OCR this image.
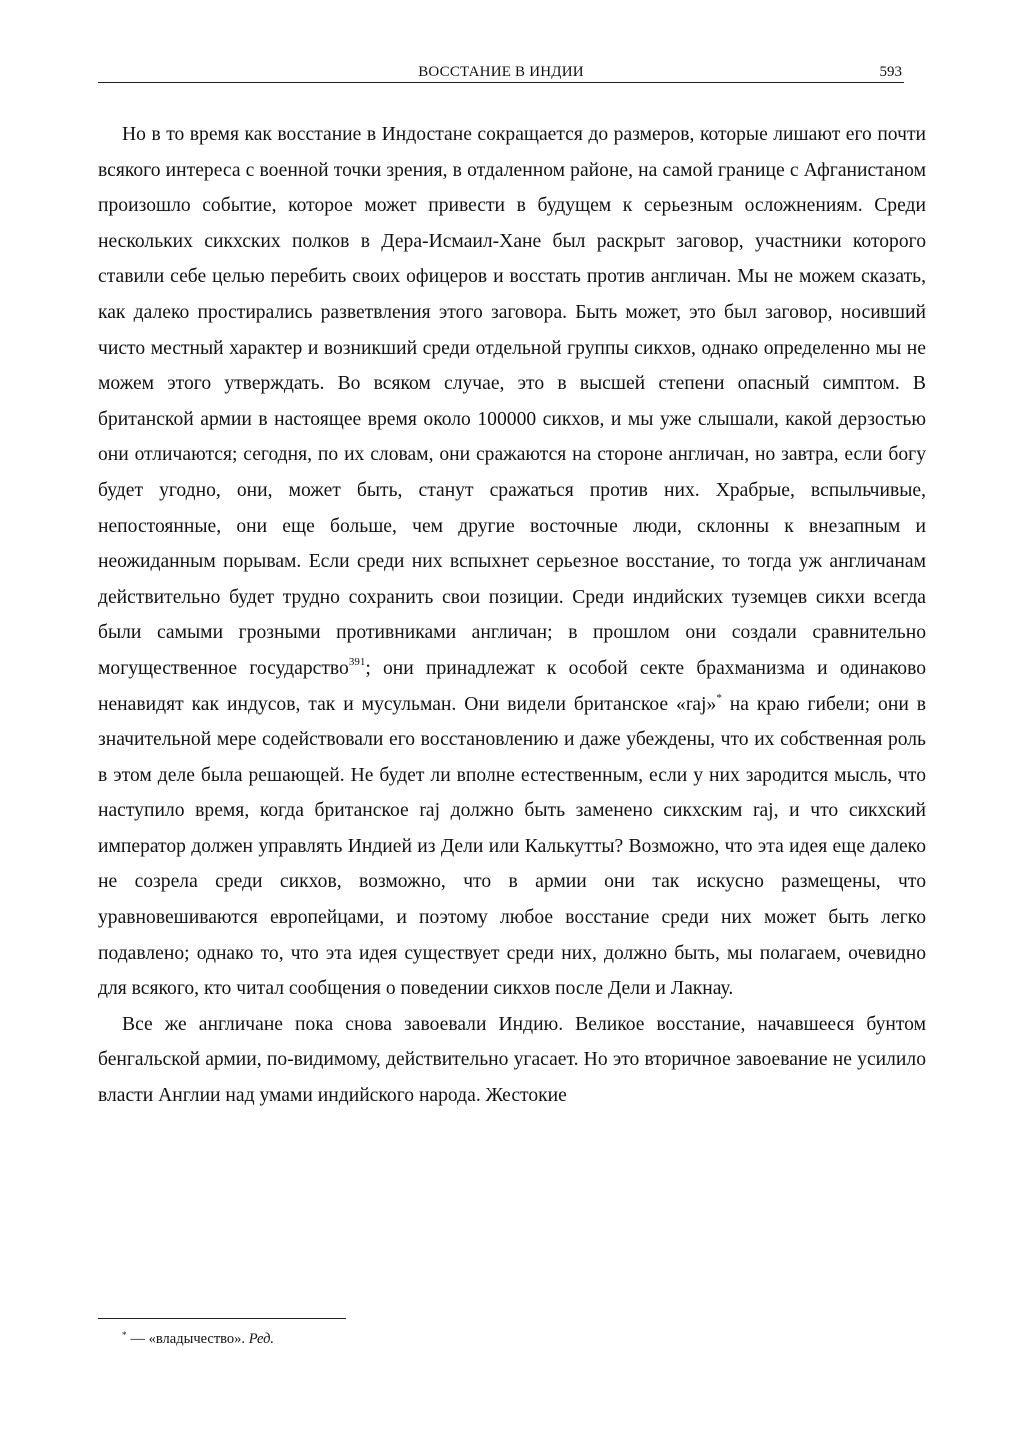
ВОССТАНИЕ В ИНДИИ	593

Но в то время как восстание в Индостане сокращается до размеров, которые лишают его почти всякого интереса с военной точки зрения, в отдаленном районе, на самой границе с Афганистаном произошло событие, которое может привести в будущем к серьезным осложнениям. Среди нескольких сикхских полков в Дера-Исмаил-Хане был раскрыт заговор, участники которого ставили себе целью перебить своих офицеров и восстать против англичан. Мы не можем сказать, как далеко простирались разветвления этого заговора. Быть может, это был заговор, носивший чисто местный характер и возникший среди отдельной группы сикхов, однако определенно мы не можем этого утверждать. Во всяком случае, это в высшей степени опасный симптом. В британской армии в настоящее время около 100000 сикхов, и мы уже слышали, какой дерзостью они отличаются; сегодня, по их словам, они сражаются на стороне англичан, но завтра, если богу будет угодно, они, может быть, станут сражаться против них. Храбрые, вспыльчивые, непостоянные, они еще больше, чем другие восточные люди, склонны к внезапным и неожиданным порывам. Если среди них вспыхнет серьезное восстание, то тогда уж англичанам действительно будет трудно сохранить свои позиции. Среди индийских туземцев сикхи всегда были самыми грозными противниками англичан; в прошлом они создали сравнительно могущественное государство$^{391}$; они принадлежат к особой секте брахманизма и одинаково ненавидят как индусов, так и мусульман. Они видели британское «raj»* на краю гибели; они в значительной мере содействовали его восстановлению и даже убеждены, что их собственная роль в этом деле была решающей. Не будет ли вполне естественным, если у них зародится мысль, что наступило время, когда британское raj должно быть заменено сикхским raj, и что сикхский император должен управлять Индией из Дели или Калькутты? Возможно, что эта идея еще далеко не созрела среди сикхов, возможно, что в армии они так искусно размещены, что уравновешиваются европейцами, и поэтому любое восстание среди них может быть легко подавлено; однако то, что эта идея существует среди них, должно быть, мы полагаем, очевидно для всякого, кто читал сообщения о поведении сикхов после Дели и Лакнау.

Все же англичане пока снова завоевали Индию. Великое восстание, начавшееся бунтом бенгальской армии, по-видимому, действительно угасает. Но это вторичное завоевание не усилило власти Англии над умами индийского народа. Жестокие

* — «владычество». Ред.
